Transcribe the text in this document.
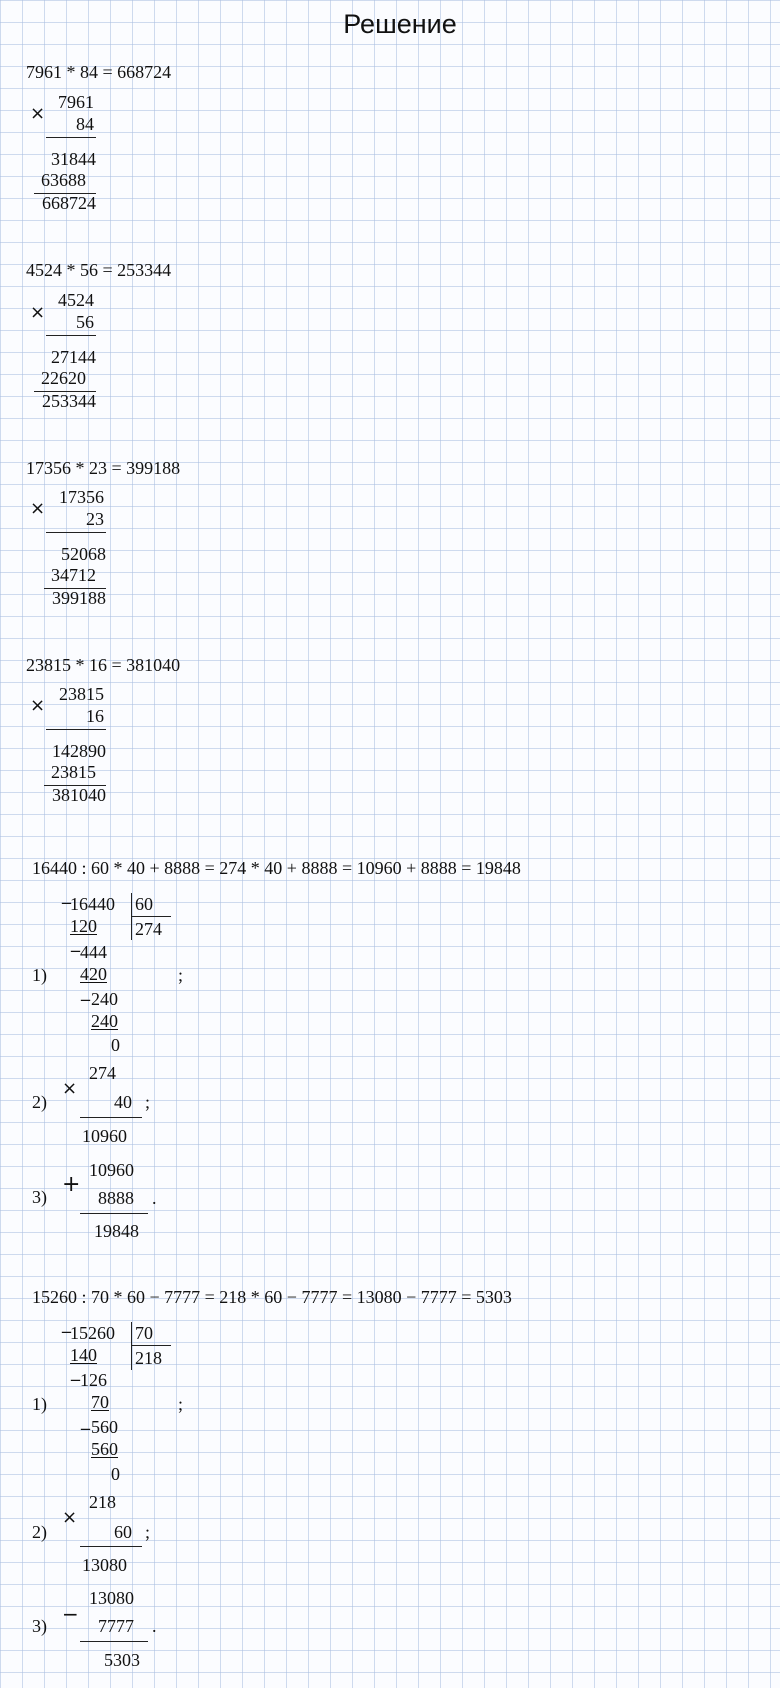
Решение
7961 * 84 = 668724
×
7961
84
31844
63688
668724
4524 * 56 = 253344
×
4524
56
27144
22620
253344
17356 * 23 = 399188
×
17356
23
52068
34712
399188
23815 * 16 = 381040
×
23815
16
142890
23815
381040
16440 : 60 * 40 + 8888 = 274 * 40 + 8888 = 10960 + 8888 = 19848
_ 16440 60
274
120
_ 444
420
1)	;
_ 240
240
0
274
×
2)	40 ;
10960
10960
+
3)	8888 .
19848
15260 : 70 * 60 − 7777 = 218 * 60 − 7777 = 13080 − 7777 = 5303
_ 15260 70
218
140
_ 126
70
1)	;
_ 560
560
0
218
×
2)	60 ;
13080
13080
−
3)	7777 .
5303
